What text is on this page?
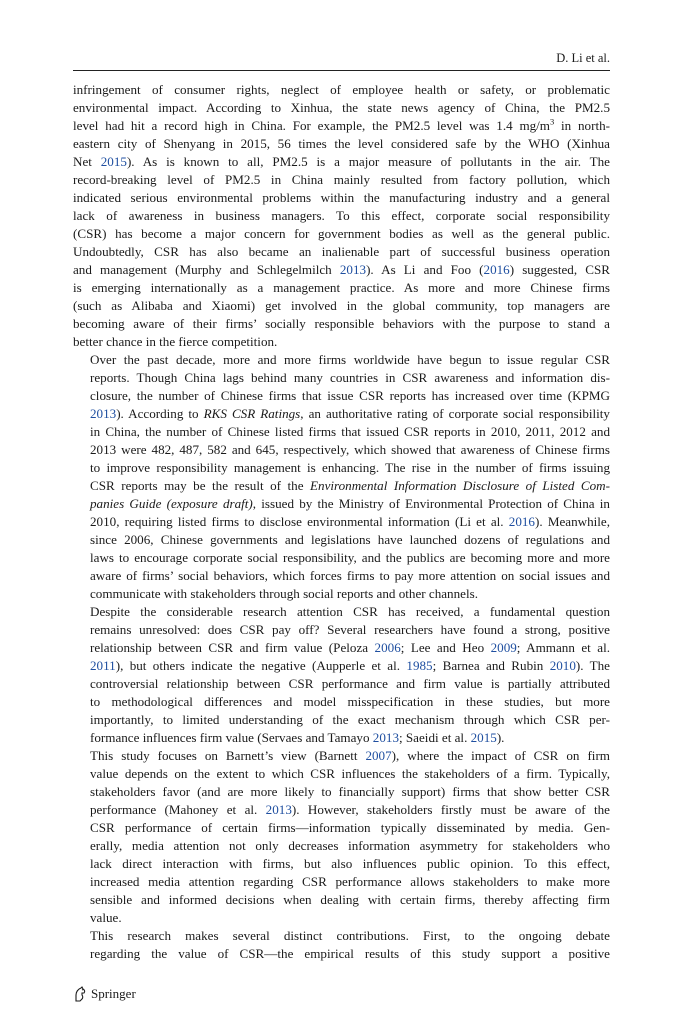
D. Li et al.

infringement of consumer rights, neglect of employee health or safety, or problematic
environmental impact. According to Xinhua, the state news agency of China, the PM2.5
level had hit a record high in China. For example, the PM2.5 level was 1.4 $mg/m^3$ in north-
eastern city of Shenyang in 2015, 56 times the level considered safe by the WHO (Xinhua
Net 2015). As is known to all, PM2.5 is a major measure of pollutants in the air. The
record-breaking level of PM2.5 in China mainly resulted from factory pollution, which
indicated serious environmental problems within the manufacturing industry and a general
lack of awareness in business managers. To this effect, corporate social responsibility
(CSR) has become a major concern for government bodies as well as the general public.
Undoubtedly, CSR has also became an inalienable part of successful business operation
and management (Murphy and Schlegelmilch 2013). As Li and Foo (2016) suggested, CSR
is emerging internationally as a management practice. As more and more Chinese firms
(such as Alibaba and Xiaomi) get involved in the global community, top managers are
becoming aware of their firms’ socially responsible behaviors with the purpose to stand a
better chance in the fierce competition.

Over the past decade, more and more firms worldwide have begun to issue regular CSR
reports. Though China lags behind many countries in CSR awareness and information dis-
closure, the number of Chinese firms that issue CSR reports has increased over time (KPMG
2013). According to RKS CSR Ratings, an authoritative rating of corporate social responsibility
in China, the number of Chinese listed firms that issued CSR reports in 2010, 2011, 2012 and
2013 were 482, 487, 582 and 645, respectively, which showed that awareness of Chinese firms
to improve responsibility management is enhancing. The rise in the number of firms issuing
CSR reports may be the result of the Environmental Information Disclosure of Listed Com-
panies Guide (exposure draft), issued by the Ministry of Environmental Protection of China in
2010, requiring listed firms to disclose environmental information (Li et al. 2016). Meanwhile,
since 2006, Chinese governments and legislations have launched dozens of regulations and
laws to encourage corporate social responsibility, and the publics are becoming more and more
aware of firms’ social behaviors, which forces firms to pay more attention on social issues and
communicate with stakeholders through social reports and other channels.

Despite the considerable research attention CSR has received, a fundamental question
remains unresolved: does CSR pay off? Several researchers have found a strong, positive
relationship between CSR and firm value (Peloza 2006; Lee and Heo 2009; Ammann et al.
2011), but others indicate the negative (Aupperle et al. 1985; Barnea and Rubin 2010). The
controversial relationship between CSR performance and firm value is partially attributed
to methodological differences and model misspecification in these studies, but more
importantly, to limited understanding of the exact mechanism through which CSR per-
formance influences firm value (Servaes and Tamayo 2013; Saeidi et al. 2015).

This study focuses on Barnett’s view (Barnett 2007), where the impact of CSR on firm
value depends on the extent to which CSR influences the stakeholders of a firm. Typically,
stakeholders favor (and are more likely to financially support) firms that show better CSR
performance (Mahoney et al. 2013). However, stakeholders firstly must be aware of the
CSR performance of certain firms—information typically disseminated by media. Gen-
erally, media attention not only decreases information asymmetry for stakeholders who
lack direct interaction with firms, but also influences public opinion. To this effect,
increased media attention regarding CSR performance allows stakeholders to make more
sensible and informed decisions when dealing with certain firms, thereby affecting firm
value.

This research makes several distinct contributions. First, to the ongoing debate
regarding the value of CSR—the empirical results of this study support a positive

Springer
